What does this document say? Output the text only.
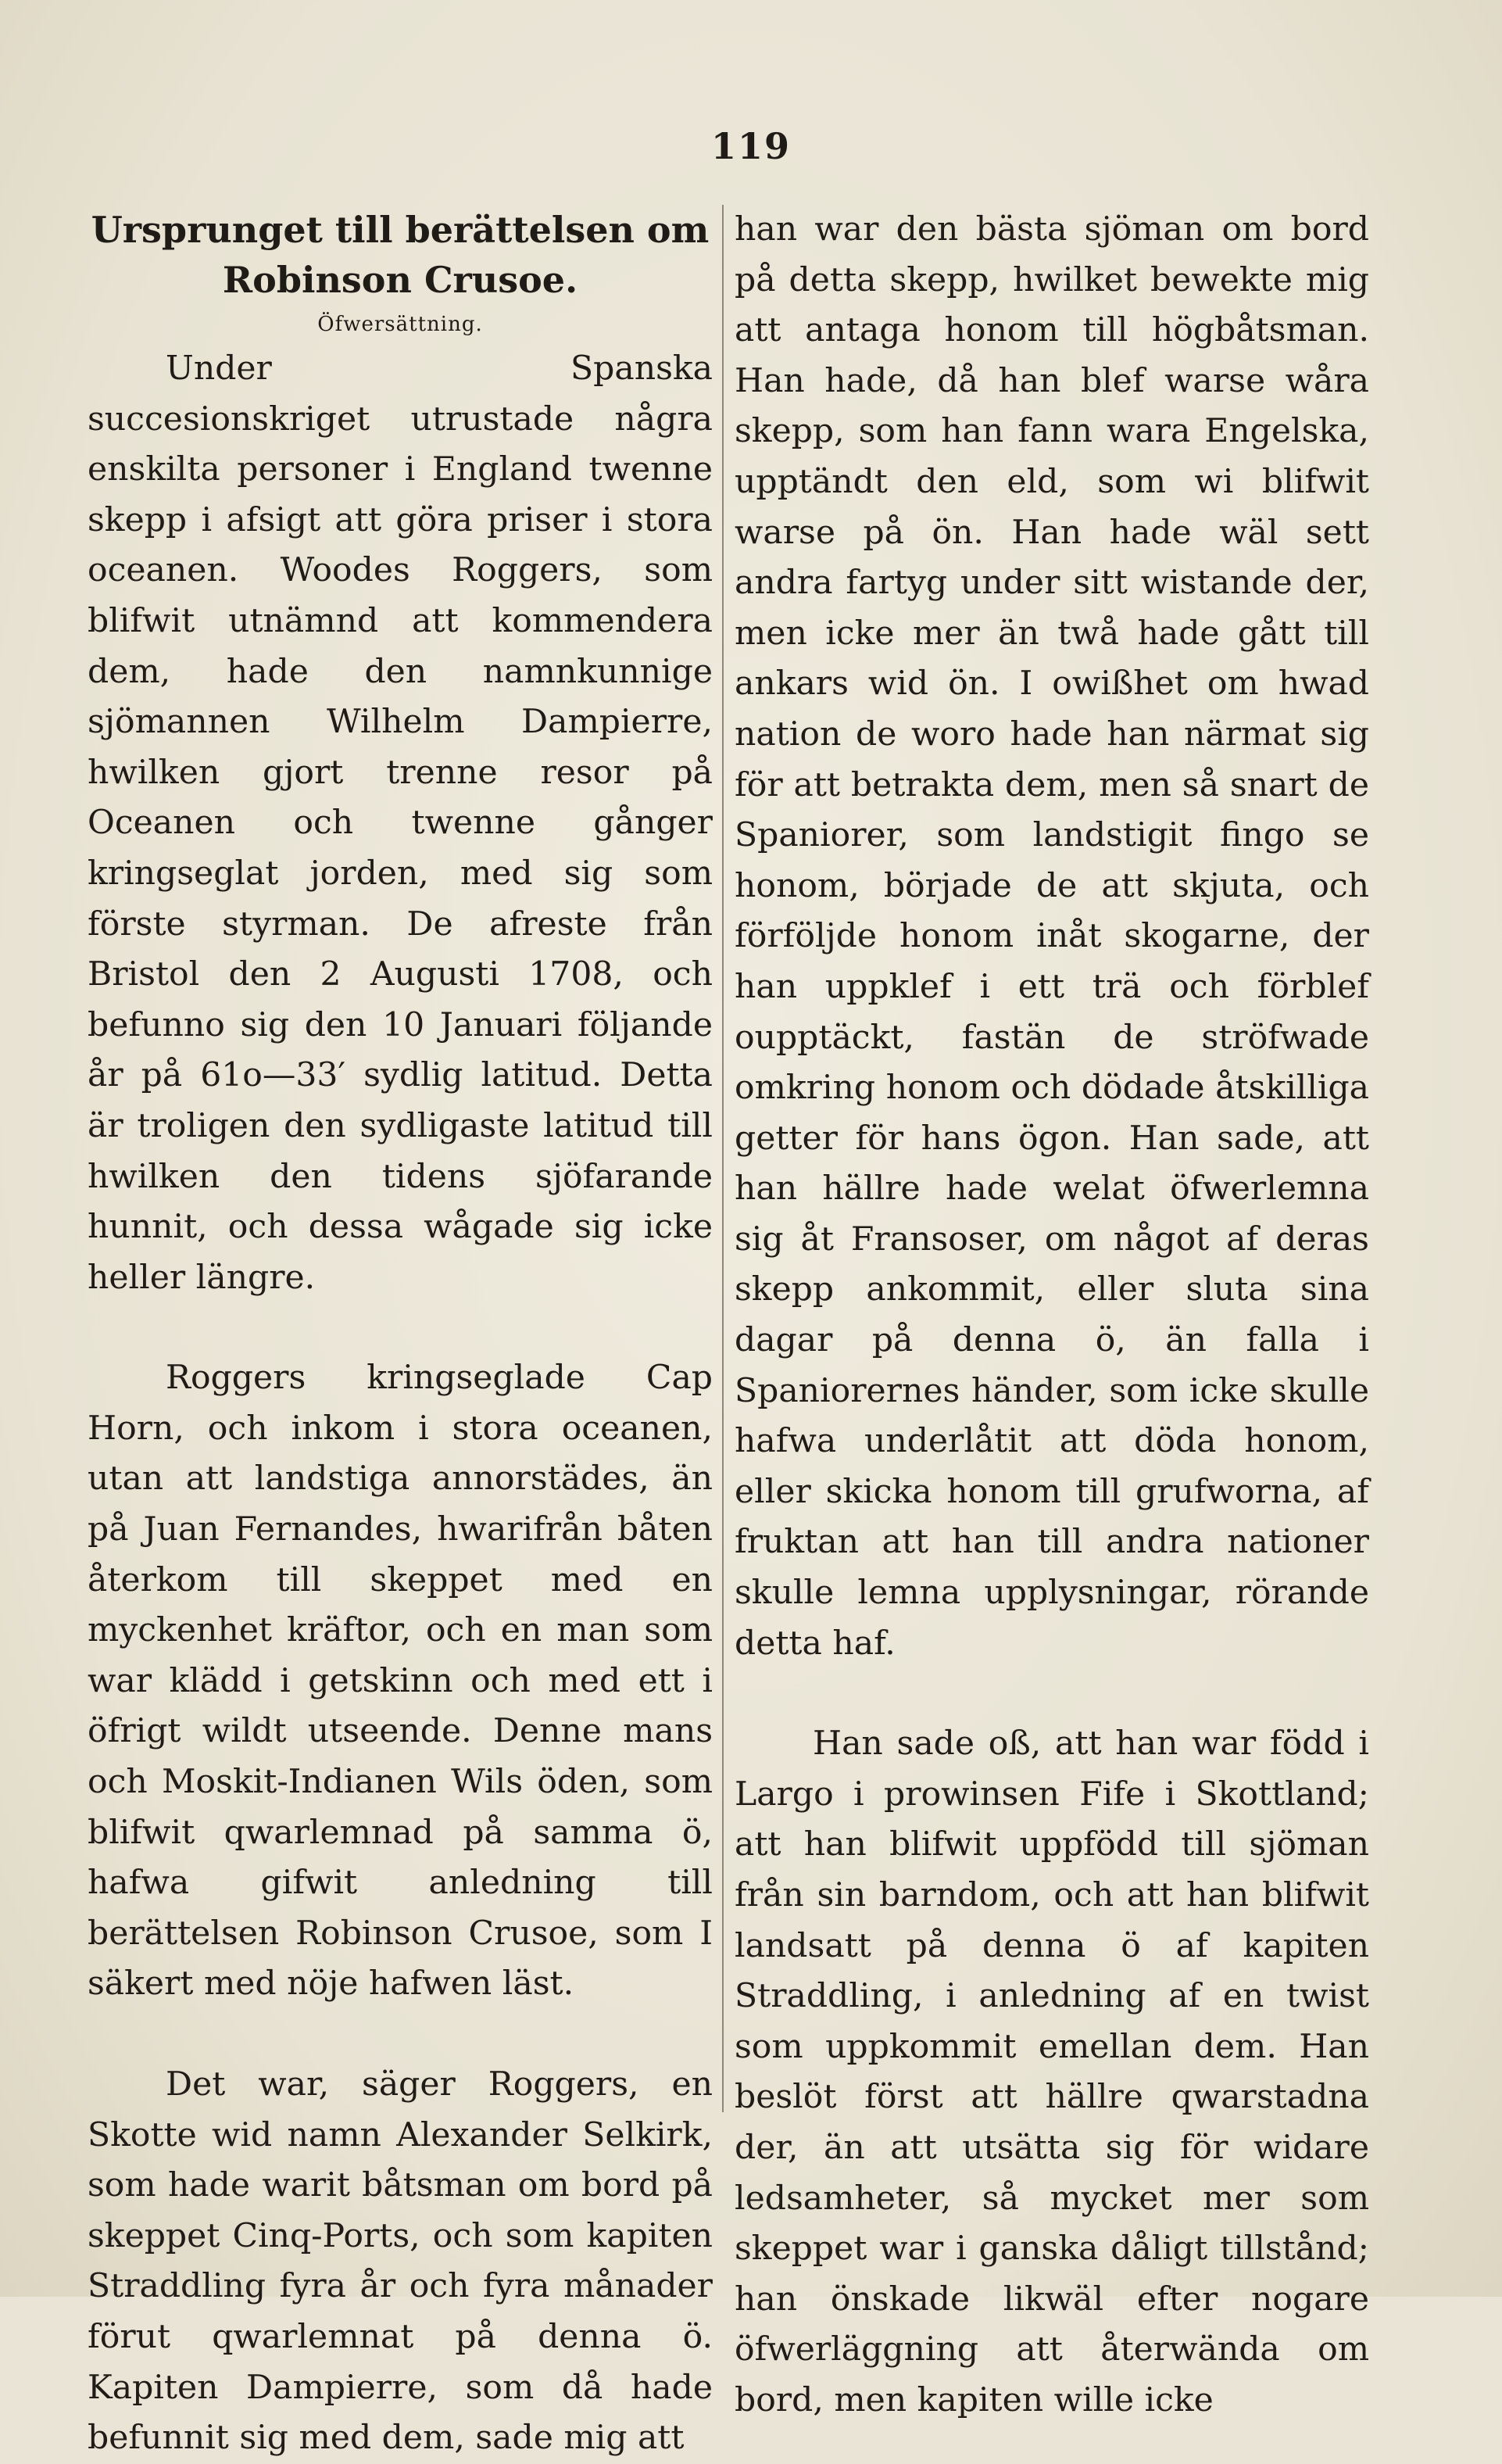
119
Ursprunget till berättelsen om Robinson Crusoe.
Öfwersättning.

Under Spanska succesionskriget utrustade några enskilta personer i England twenne skepp i afsigt att göra priser i stora oceanen. Woodes Roggers, som blifwit utnämnd att kommendera dem, hade den namnkunnige sjömannen Wilhelm Dampierre, hwilken gjort trenne resor på Oceanen och twenne gånger kringseglat jorden, med sig som förste styrman. De afreste från Bristol den 2 Augusti 1708, och befunno sig den 10 Januari följande år på 61o—33′ sydlig latitud. Detta är troligen den sydligaste latitud till hwilken den tidens sjöfarande hunnit, och dessa wågade sig icke heller längre.

Roggers kringseglade Cap Horn, och inkom i stora oceanen, utan att landstiga annorstädes, än på Juan Fernandes, hwarifrån båten återkom till skeppet med en myckenhet kräftor, och en man som war klädd i getskinn och med ett i öfrigt wildt utseende. Denne mans och Moskit-Indianen Wils öden, som blifwit qwarlemnad på samma ö, hafwa gifwit anledning till berättelsen Robinson Crusoe, som I säkert med nöje hafwen läst.

Det war, säger Roggers, en Skotte wid namn Alexander Selkirk, som hade warit båtsman om bord på skeppet Cinq-Ports, och som kapiten Straddling fyra år och fyra månader förut qwarlemnat på denna ö. Kapiten Dampierre, som då hade befunnit sig med dem, sade mig att

han war den bästa sjöman om bord på detta skepp, hwilket bewekte mig att antaga honom till högbåtsman. Han hade, då han blef warse wåra skepp, som han fann wara Engelska, upptändt den eld, som wi blifwit warse på ön. Han hade wäl sett andra fartyg under sitt wistande der, men icke mer än twå hade gått till ankars wid ön. I owißhet om hwad nation de woro hade han närmat sig för att betrakta dem, men så snart de Spaniorer, som landstigit fingo se honom, började de att skjuta, och förföljde honom inåt skogarne, der han uppklef i ett trä och förblef oupptäckt, fastän de ströfwade omkring honom och dödade åtskilliga getter för hans ögon. Han sade, att han hällre hade welat öfwerlemna sig åt Fransoser, om något af deras skepp ankommit, eller sluta sina dagar på denna ö, än falla i Spaniorernes händer, som icke skulle hafwa underlåtit att döda honom, eller skicka honom till grufworna, af fruktan att han till andra nationer skulle lemna upplysningar, rörande detta haf.

Han sade oß, att han war född i Largo i prowinsen Fife i Skottland; att han blifwit uppfödd till sjöman från sin barndom, och att han blifwit landsatt på denna ö af kapiten Straddling, i anledning af en twist som uppkommit emellan dem. Han beslöt först att hällre qwarstadna der, än att utsätta sig för widare ledsamheter, så mycket mer som skeppet war i ganska dåligt tillstånd; han önskade likwäl efter nogare öfwerläggning att återwända om bord, men kapiten wille icke
